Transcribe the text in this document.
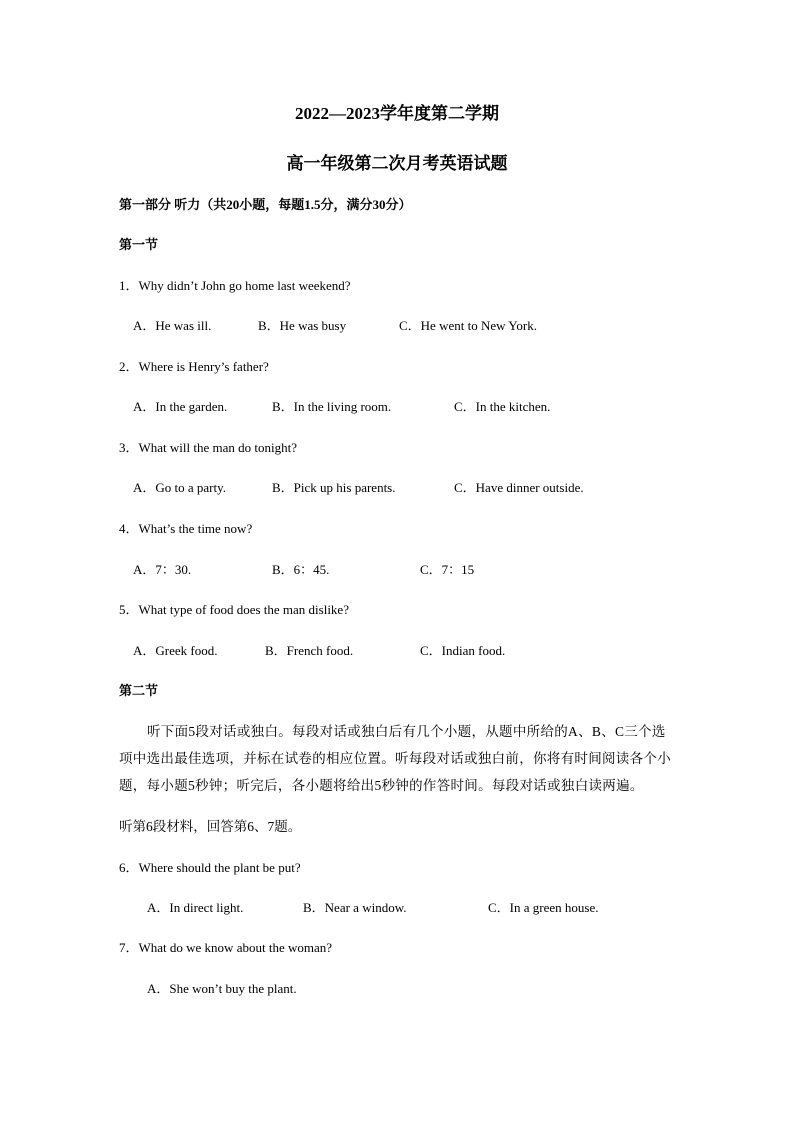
2022—2023学年度第二学期
高一年级第二次月考英语试题
第一部分 听力（共20小题，每题1.5分，满分30分）
第一节
1．Why didn’t John go home last weekend?
A．He was ill.	B．He was busy	C．He went to New York.
2．Where is Henry’s father?
A．In the garden.	B．In the living room.	C．In the kitchen.
3．What will the man do tonight?
A．Go to a party.	B．Pick up his parents.	C．Have dinner outside.
4．What’s the time now?
A．7：30.	B．6：45.	C．7：15
5．What type of food does the man dislike?
A．Greek food.	B．French food.	C．Indian food.
第二节
听下面5段对话或独白。每段对话或独白后有几个小题，从题中所给的A、B、C三个选项中选出最佳选项，并标在试卷的相应位置。听每段对话或独白前，你将有时间阅读各个小题，每小题5秒钟；听完后，各小题将给出5秒钟的作答时间。每段对话或独白读两遍。
听第6段材料，回答第6、7题。
6．Where should the plant be put?
A．In direct light.	B．Near a window.	C．In a green house.
7．What do we know about the woman?
A．She won’t buy the plant.
